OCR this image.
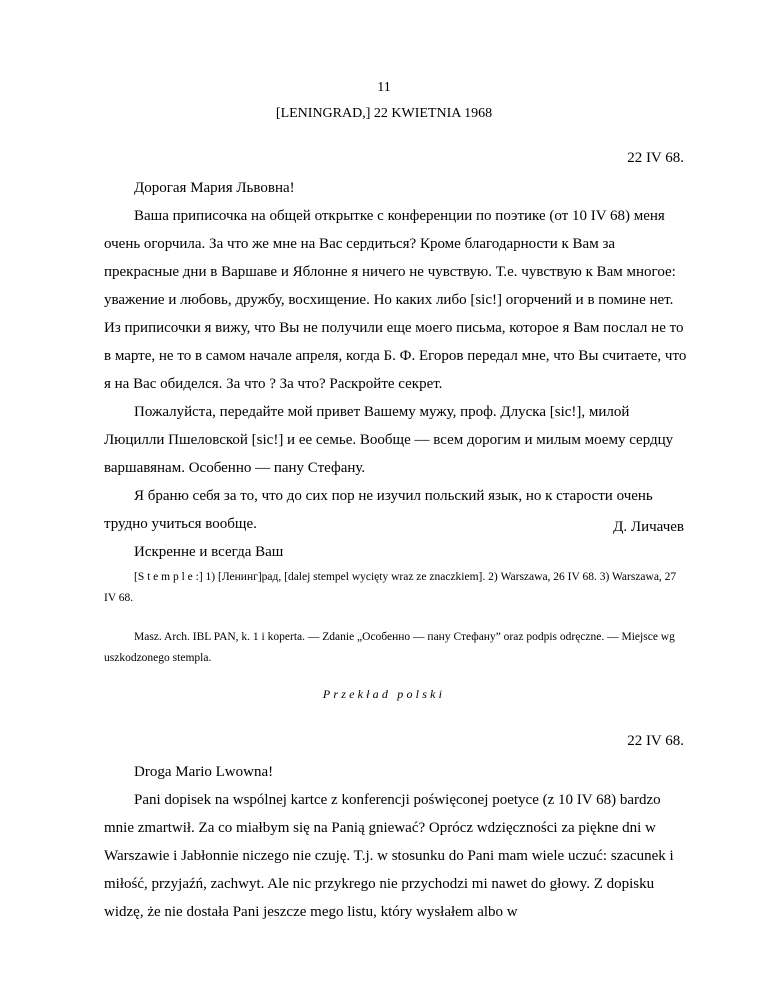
11
[LENINGRAD,] 22 KWIETNIA 1968
22 IV 68.

Дорогая Мария Львовна!

Ваша приписочка на общей открытке с конференции по поэтике (от 10 IV 68) меня очень огорчила. За что же мне на Вас сердиться? Кроме благодарности к Вам за прекрасные дни в Варшаве и Яблонне я ничего не чувствую. Т.е. чувствую к Вам многое: уважение и любовь, дружбу, восхищение. Но каких либо [sic!] огорчений и в помине нет. Из приписочки я вижу, что Вы не получили еще моего письма, которое я Вам послал не то в марте, не то в самом начале апреля, когда Б. Ф. Егоров передал мне, что Вы считаете, что я на Вас обиделся. За что ? За что? Раскройте секрет.

Пожалуйста, передайте мой привет Вашему мужу, проф. Длуска [sic!], милой Люцилли Пшеловской [sic!] и ее семье. Вообще — всем дорогим и милым моему сердцу варшавянам. Особенно — пану Стефану.

Я браню себя за то, что до сих пор не изучил польский язык, но к старости очень трудно учиться вообще.

Искренне и всегда Ваш

Д. Личачев

[S t e m p l e :] 1) [Ленинг]рад, [dalej stempel wycięty wraz ze znaczkiem]. 2) Warszawa, 26 IV 68. 3) Warszawa, 27 IV 68.

Masz. Arch. IBL PAN, k. 1 i koperta. — Zdanie „Особенно — пану Стефану” oraz podpis odręczne. — Miejsce wg uszkodzonego stempla.

Przekład polski
22 IV 68.

Droga Mario Lwowna!

Pani dopisek na wspólnej kartce z konferencji poświęconej poetyce (z 10 IV 68) bardzo mnie zmartwił. Za co miałbym się na Panią gniewać? Oprócz wdzięczności za piękne dni w Warszawie i Jabłonnie niczego nie czuję. T.j. w stosunku do Pani mam wiele uczuć: szacunek i miłość, przyjaźń, zachwyt. Ale nic przykrego nie przychodzi mi nawet do głowy. Z dopisku widzę, że nie dostała Pani jeszcze mego listu, który wysłałem albo w
